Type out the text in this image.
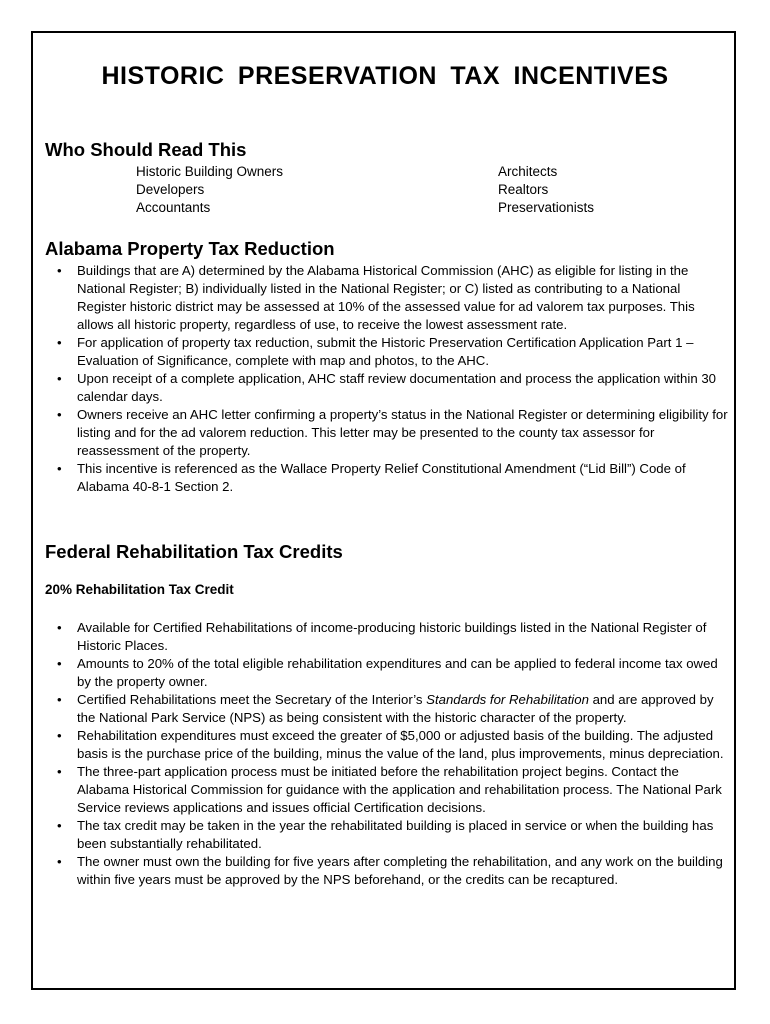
HISTORIC PRESERVATION TAX INCENTIVES
Who Should Read This
Historic Building Owners
Developers
Accountants
Architects
Realtors
Preservationists
Alabama Property Tax Reduction
• Buildings that are A) determined by the Alabama Historical Commission (AHC) as eligible for listing in the National Register; B) individually listed in the National Register; or C) listed as contributing to a National Register historic district may be assessed at 10% of the assessed value for ad valorem tax purposes. This allows all historic property, regardless of use, to receive the lowest assessment rate.
• For application of property tax reduction, submit the Historic Preservation Certification Application Part 1 – Evaluation of Significance, complete with map and photos, to the AHC.
• Upon receipt of a complete application, AHC staff review documentation and process the application within 30 calendar days.
• Owners receive an AHC letter confirming a property’s status in the National Register or determining eligibility for listing and for the ad valorem reduction. This letter may be presented to the county tax assessor for reassessment of the property.
• This incentive is referenced as the Wallace Property Relief Constitutional Amendment (“Lid Bill”) Code of Alabama 40-8-1 Section 2.
Federal Rehabilitation Tax Credits
20% Rehabilitation Tax Credit
• Available for Certified Rehabilitations of income-producing historic buildings listed in the National Register of Historic Places.
• Amounts to 20% of the total eligible rehabilitation expenditures and can be applied to federal income tax owed by the property owner.
• Certified Rehabilitations meet the Secretary of the Interior’s Standards for Rehabilitation and are approved by the National Park Service (NPS) as being consistent with the historic character of the property.
• Rehabilitation expenditures must exceed the greater of $5,000 or adjusted basis of the building. The adjusted basis is the purchase price of the building, minus the value of the land, plus improvements, minus depreciation.
• The three-part application process must be initiated before the rehabilitation project begins. Contact the Alabama Historical Commission for guidance with the application and rehabilitation process. The National Park Service reviews applications and issues official Certification decisions.
• The tax credit may be taken in the year the rehabilitated building is placed in service or when the building has been substantially rehabilitated.
• The owner must own the building for five years after completing the rehabilitation, and any work on the building within five years must be approved by the NPS beforehand, or the credits can be recaptured.
